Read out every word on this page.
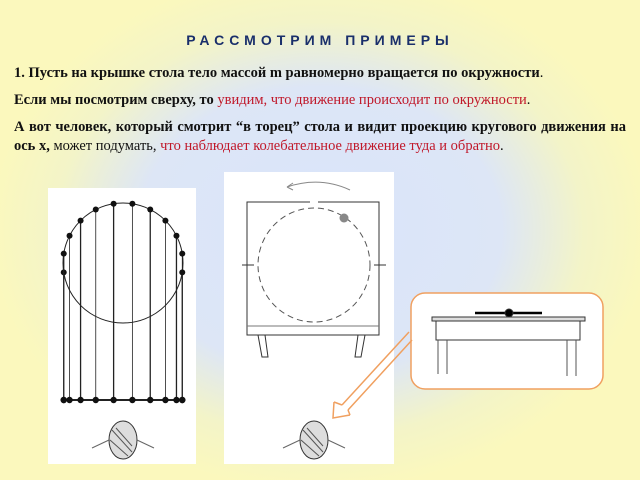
РАССМОТРИМ ПРИМЕРЫ
1. Пусть на крышке стола тело массой m равномерно вращается по окружности.
Если мы посмотрим сверху, то увидим, что движение происходит по окружности.
А вот человек, который смотрит “в торец” стола и видит проекцию кругового движения на ось х, может подумать, что наблюдает колебательное движение туда и обратно.
